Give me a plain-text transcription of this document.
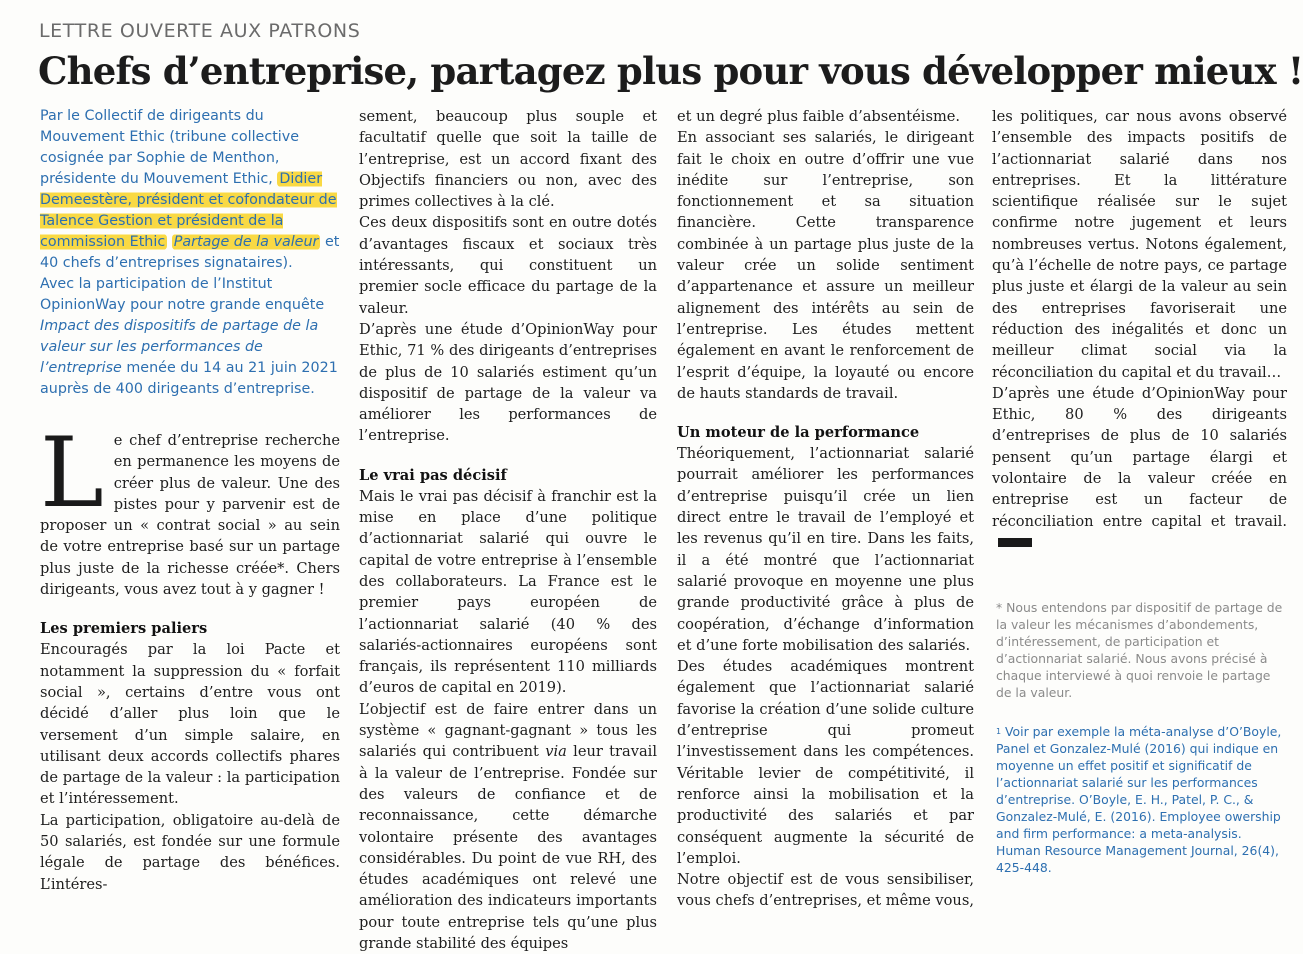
LETTRE OUVERTE AUX PATRONS
Chefs d’entreprise, partagez plus pour vous développer mieux !

Par le Collectif de dirigeants du Mouvement Ethic (tribune collective cosignée par Sophie de Menthon, présidente du Mouvement Ethic, Didier Demeestère, président et cofondateur de Talence Gestion et président de la commission Ethic Partage de la valeur et 40 chefs d’entreprises signataires).

Avec la participation de l’Institut OpinionWay pour notre grande enquête Impact des dispositifs de partage de la valeur sur les performances de l’entreprise menée du 14 au 21 juin 2021 auprès de 400 dirigeants d’entreprise.

L e chef d’entreprise recherche en permanence les moyens de créer plus de valeur. Une des pistes pour y parvenir est de proposer un « contrat social » au sein de votre entreprise basé sur un partage plus juste de la richesse créée*. Chers dirigeants, vous avez tout à y gagner !

Les premiers paliers

Encouragés par la loi Pacte et notamment la suppression du « forfait social », certains d’entre vous ont décidé d’aller plus loin que le versement d’un simple salaire, en utilisant deux accords collectifs phares de partage de la valeur : la participation et l’intéressement.

La participation, obligatoire au-delà de 50 salariés, est fondée sur une formule légale de partage des bénéfices. L’intéres-

sement, beaucoup plus souple et facultatif quelle que soit la taille de l’entreprise, est un accord fixant des Objectifs financiers ou non, avec des primes collectives à la clé.

Ces deux dispositifs sont en outre dotés d’avantages fiscaux et sociaux très intéressants, qui constituent un premier socle efficace du partage de la valeur.

D’après une étude d’OpinionWay pour Ethic, 71 % des dirigeants d’entreprises de plus de 10 salariés estiment qu’un dispositif de partage de la valeur va améliorer les performances de l’entreprise.

Le vrai pas décisif

Mais le vrai pas décisif à franchir est la mise en place d’une politique d’actionnariat salarié qui ouvre le capital de votre entreprise à l’ensemble des collaborateurs. La France est le premier pays européen de l’actionnariat salarié (40 % des salariés-actionnaires européens sont français, ils représentent 110 milliards d’euros de capital en 2019).

L’objectif est de faire entrer dans un système « gagnant-gagnant » tous les salariés qui contribuent via leur travail à la valeur de l’entreprise. Fondée sur des valeurs de confiance et de reconnaissance, cette démarche volontaire présente des avantages considérables. Du point de vue RH, des études académiques ont relevé une amélioration des indicateurs importants pour toute entreprise tels qu’une plus grande stabilité des équipes

et un degré plus faible d’absentéisme.

En associant ses salariés, le dirigeant fait le choix en outre d’offrir une vue inédite sur l’entreprise, son fonctionnement et sa situation financière. Cette transparence combinée à un partage plus juste de la valeur crée un solide sentiment d’appartenance et assure un meilleur alignement des intérêts au sein de l’entreprise. Les études mettent également en avant le renforcement de l’esprit d’équipe, la loyauté ou encore de hauts standards de travail.

Un moteur de la performance

Théoriquement, l’actionnariat salarié pourrait améliorer les performances d’entreprise puisqu’il crée un lien direct entre le travail de l’employé et les revenus qu’il en tire. Dans les faits, il a été montré que l’actionnariat salarié provoque en moyenne une plus grande productivité grâce à plus de coopération, d’échange d’information et d’une forte mobilisation des salariés.

Des études académiques montrent également que l’actionnariat salarié favorise la création d’une solide culture d’entreprise qui promeut l’investissement dans les compétences. Véritable levier de compétitivité, il renforce ainsi la mobilisation et la productivité des salariés et par conséquent augmente la sécurité de l’emploi.

Notre objectif est de vous sensibiliser, vous chefs d’entreprises, et même vous,

les politiques, car nous avons observé l’ensemble des impacts positifs de l’actionnariat salarié dans nos entreprises. Et la littérature scientifique réalisée sur le sujet confirme notre jugement et leurs nombreuses vertus. Notons également, qu’à l’échelle de notre pays, ce partage plus juste et élargi de la valeur au sein des entreprises favoriserait une réduction des inégalités et donc un meilleur climat social via la réconciliation du capital et du travail…

D’après une étude d’OpinionWay pour Ethic, 80 % des dirigeants d’entreprises de plus de 10 salariés pensent qu’un partage élargi et volontaire de la valeur créée en entreprise est un facteur de réconciliation entre capital et travail.

* Nous entendons par dispositif de partage de la valeur les mécanismes d’abondements, d’intéressement, de participation et d’actionnariat salarié. Nous avons précisé à chaque interviewé à quoi renvoie le partage de la valeur.
$^1$ Voir par exemple la méta-analyse d’O’Boyle, Panel et Gonzalez-Mulé (2016) qui indique en moyenne un effet positif et significatif de l’actionnariat salarié sur les performances d’entreprise. O’Boyle, E. H., Patel, P. C., & Gonzalez-Mulé, E. (2016). Employee owership and firm performance: a meta-analysis. Human Resource Management Journal, 26(4), 425-448.
